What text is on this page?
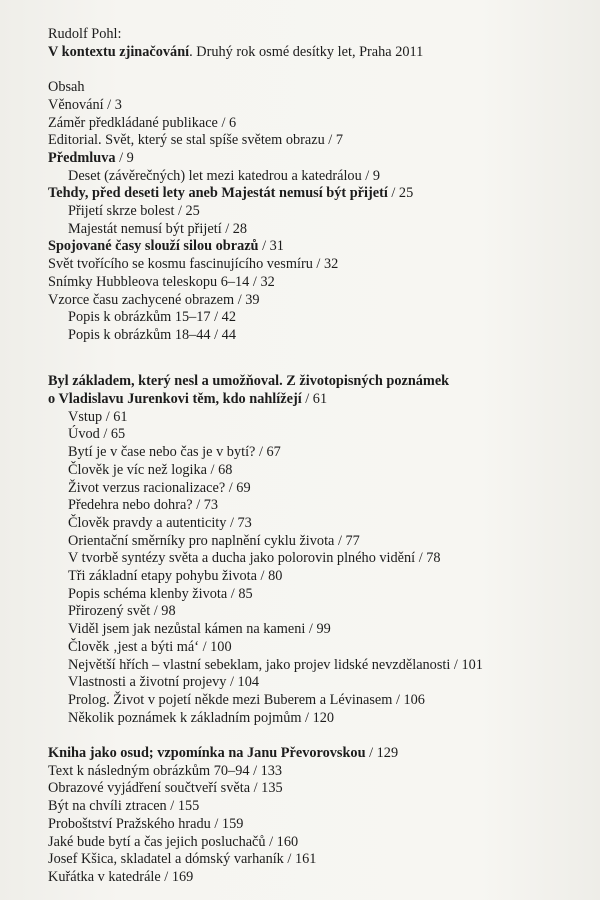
Rudolf Pohl:
V kontextu zjinačování. Druhý rok osmé desítky let, Praha 2011
Obsah
Věnování / 3
Záměr předkládané publikace / 6
Editorial. Svět, který se stal spíše světem obrazu / 7
Předmluva / 9
Deset (závěrečných) let mezi katedrou a katedrálou / 9
Tehdy, před deseti lety aneb Majestát nemusí být přijetí / 25
Přijetí skrze bolest / 25
Majestát nemusí být přijetí / 28
Spojované časy slouží silou obrazů / 31
Svět tvořícího se kosmu fascinujícího vesmíru / 32
Snímky Hubbleova teleskopu 6–14 / 32
Vzorce času zachycené obrazem / 39
Popis k obrázkům 15–17 / 42
Popis k obrázkům 18–44 / 44
Byl základem, který nesl a umožňoval. Z životopisných poznámek
o Vladislavu Jurenkovi těm, kdo nahlížejí / 61
Vstup / 61
Úvod / 65
Bytí je v čase nebo čas je v bytí? / 67
Člověk je víc než logika / 68
Život verzus racionalizace? / 69
Předehra nebo dohra? / 73
Člověk pravdy a autenticity / 73
Orientační směrníky pro naplnění cyklu života / 77
V tvorbě syntézy světa a ducha jako polorovin plného vidění / 78
Tři základní etapy pohybu života / 80
Popis schéma klenby života / 85
Přirozený svět / 98
Viděl jsem jak nezůstal kámen na kameni / 99
Člověk ‚jest a býti má‘ / 100
Největší hřích – vlastní sebeklam, jako projev lidské nevzdělanosti / 101
Vlastnosti a životní projevy / 104
Prolog. Život v pojetí někde mezi Buberem a Lévinasem / 106
Několik poznámek k základním pojmům / 120
Kniha jako osud; vzpomínka na Janu Převorovskou / 129
Text k následným obrázkům 70–94 / 133
Obrazové vyjádření součtveří světa / 135
Být na chvíli ztracen / 155
Proboštství Pražského hradu / 159
Jaké bude bytí a čas jejich posluchačů / 160
Josef Kšica, skladatel a dómský varhaník / 161
Kuřátka v katedrále / 169
